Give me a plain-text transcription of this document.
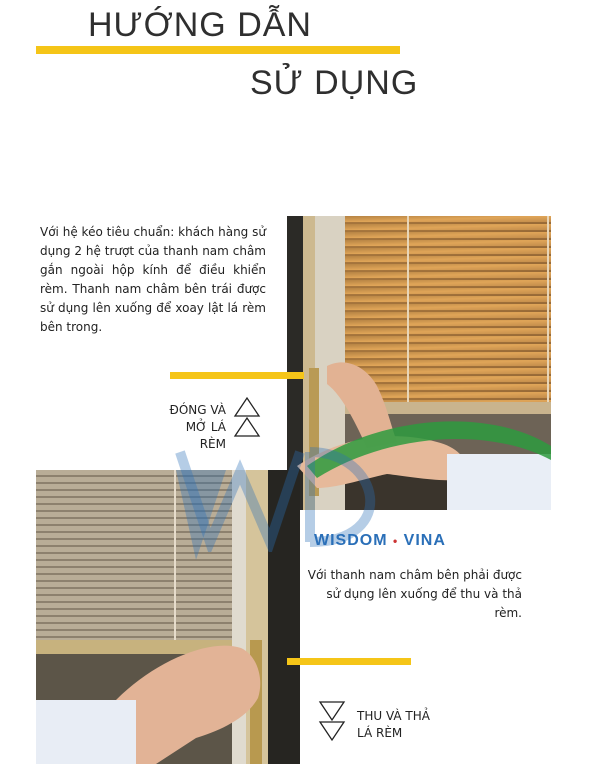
HƯỚNG DẪN
SỬ DỤNG
Với hệ kéo tiêu chuẩn: khách hàng sử dụng 2 hệ trượt của thanh nam châm gắn ngoài hộp kính để điều khiển rèm. Thanh nam châm bên trái được sử dụng lên xuống để xoay lật lá rèm bên trong.
ĐÓNG VÀ
MỞ LÁ RÈM
WISDOM • VINA
Với thanh nam châm bên phải được sử dụng lên xuống để thu và thả rèm.
THU VÀ THẢ
LÁ RÈM
